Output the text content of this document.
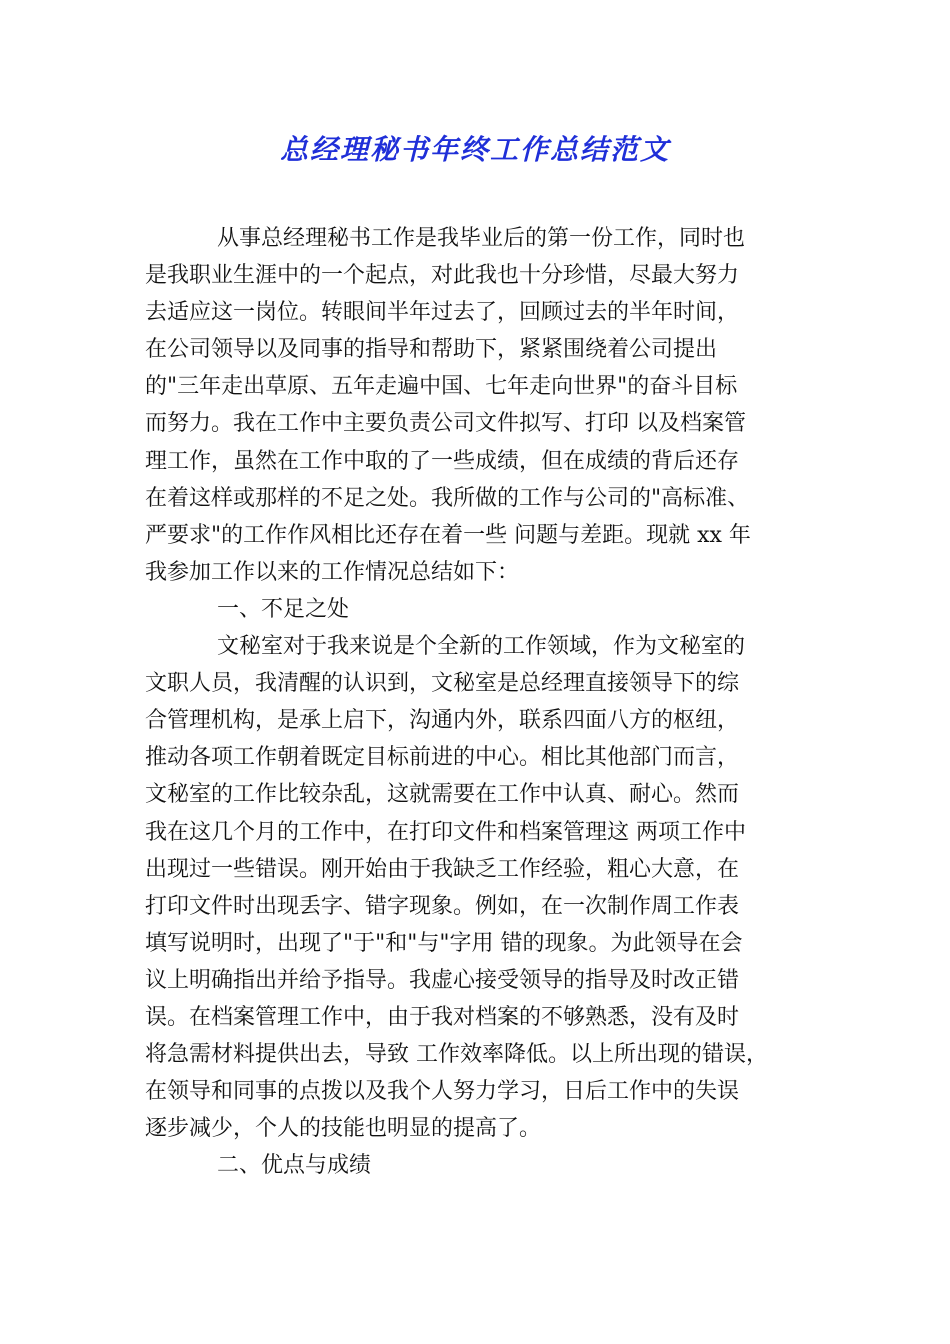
总经理秘书年终工作总结范文
从事总经理秘书工作是我毕业后的第一份工作，同时也
是我职业生涯中的一个起点，对此我也十分珍惜，尽最大努力
去适应这一岗位。转眼间半年过去了，回顾过去的半年时间，
在公司领导以及同事的指导和帮助下，紧紧围绕着公司提出
的"三年走出草原、五年走遍中国、七年走向世界"的奋斗目标
而努力。我在工作中主要负责公司文件拟写、打印 以及档案管
理工作，虽然在工作中取的了一些成绩，但在成绩的背后还存
在着这样或那样的不足之处。我所做的工作与公司的"高标准、
严要求"的工作作风相比还存在着一些 问题与差距。现就 xx 年
我参加工作以来的工作情况总结如下：
一、不足之处
文秘室对于我来说是个全新的工作领域，作为文秘室的
文职人员，我清醒的认识到，文秘室是总经理直接领导下的综
合管理机构，是承上启下，沟通内外，联系四面八方的枢纽，
推动各项工作朝着既定目标前进的中心。相比其他部门而言，
文秘室的工作比较杂乱，这就需要在工作中认真、耐心。然而
我在这几个月的工作中，在打印文件和档案管理这 两项工作中
出现过一些错误。刚开始由于我缺乏工作经验，粗心大意，在
打印文件时出现丢字、错字现象。例如，在一次制作周工作表
填写说明时，出现了"于"和"与"字用 错的现象。为此领导在会
议上明确指出并给予指导。我虚心接受领导的指导及时改正错
误。在档案管理工作中，由于我对档案的不够熟悉，没有及时
将急需材料提供出去，导致 工作效率降低。以上所出现的错误，
在领导和同事的点拨以及我个人努力学习，日后工作中的失误
逐步减少，个人的技能也明显的提高了。
二、优点与成绩
